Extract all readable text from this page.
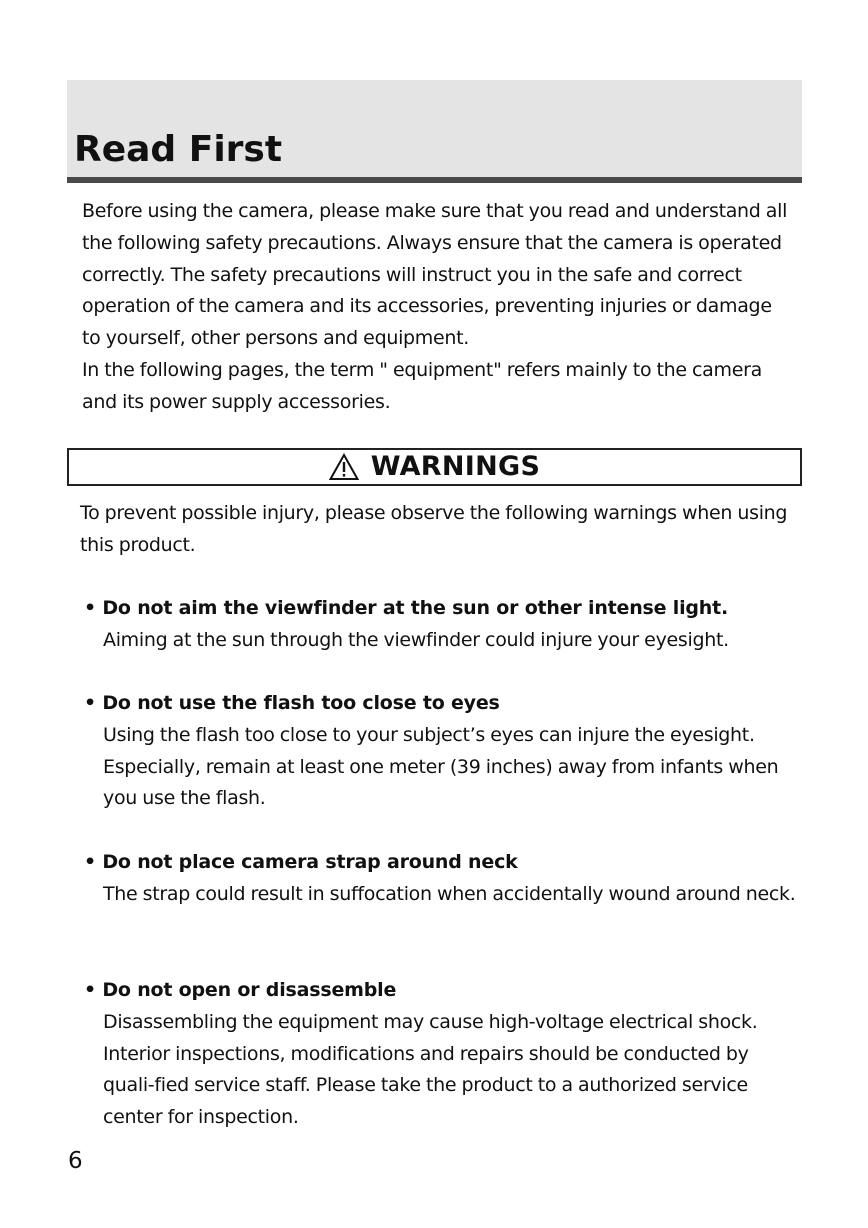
Read First

Before using the camera, please make sure that you read and understand all the following safety precautions. Always ensure that the camera is operated correctly. The safety precautions will instruct you in the safe and correct operation of the camera and its accessories, preventing injuries or damage to yourself, other persons and equipment.

In the following pages, the term " equipment" refers mainly to the camera and its power supply accessories.

WARNINGS

To prevent possible injury, please observe the following warnings when using this product.

• Do not aim the viewfinder at the sun or other intense light.

Aiming at the sun through the viewfinder could injure your eyesight.

• Do not use the flash too close to eyes

Using the flash too close to your subject’s eyes can injure the eyesight. Especially, remain at least one meter (39 inches) away from infants when you use the flash.

• Do not place camera strap around neck

The strap could result in suffocation when accidentally wound around neck.

• Do not open or disassemble

Disassembling the equipment may cause high-voltage electrical shock. Interior inspections, modifications and repairs should be conducted by quali-fied service staff. Please take the product to a authorized service center for inspection.

6
